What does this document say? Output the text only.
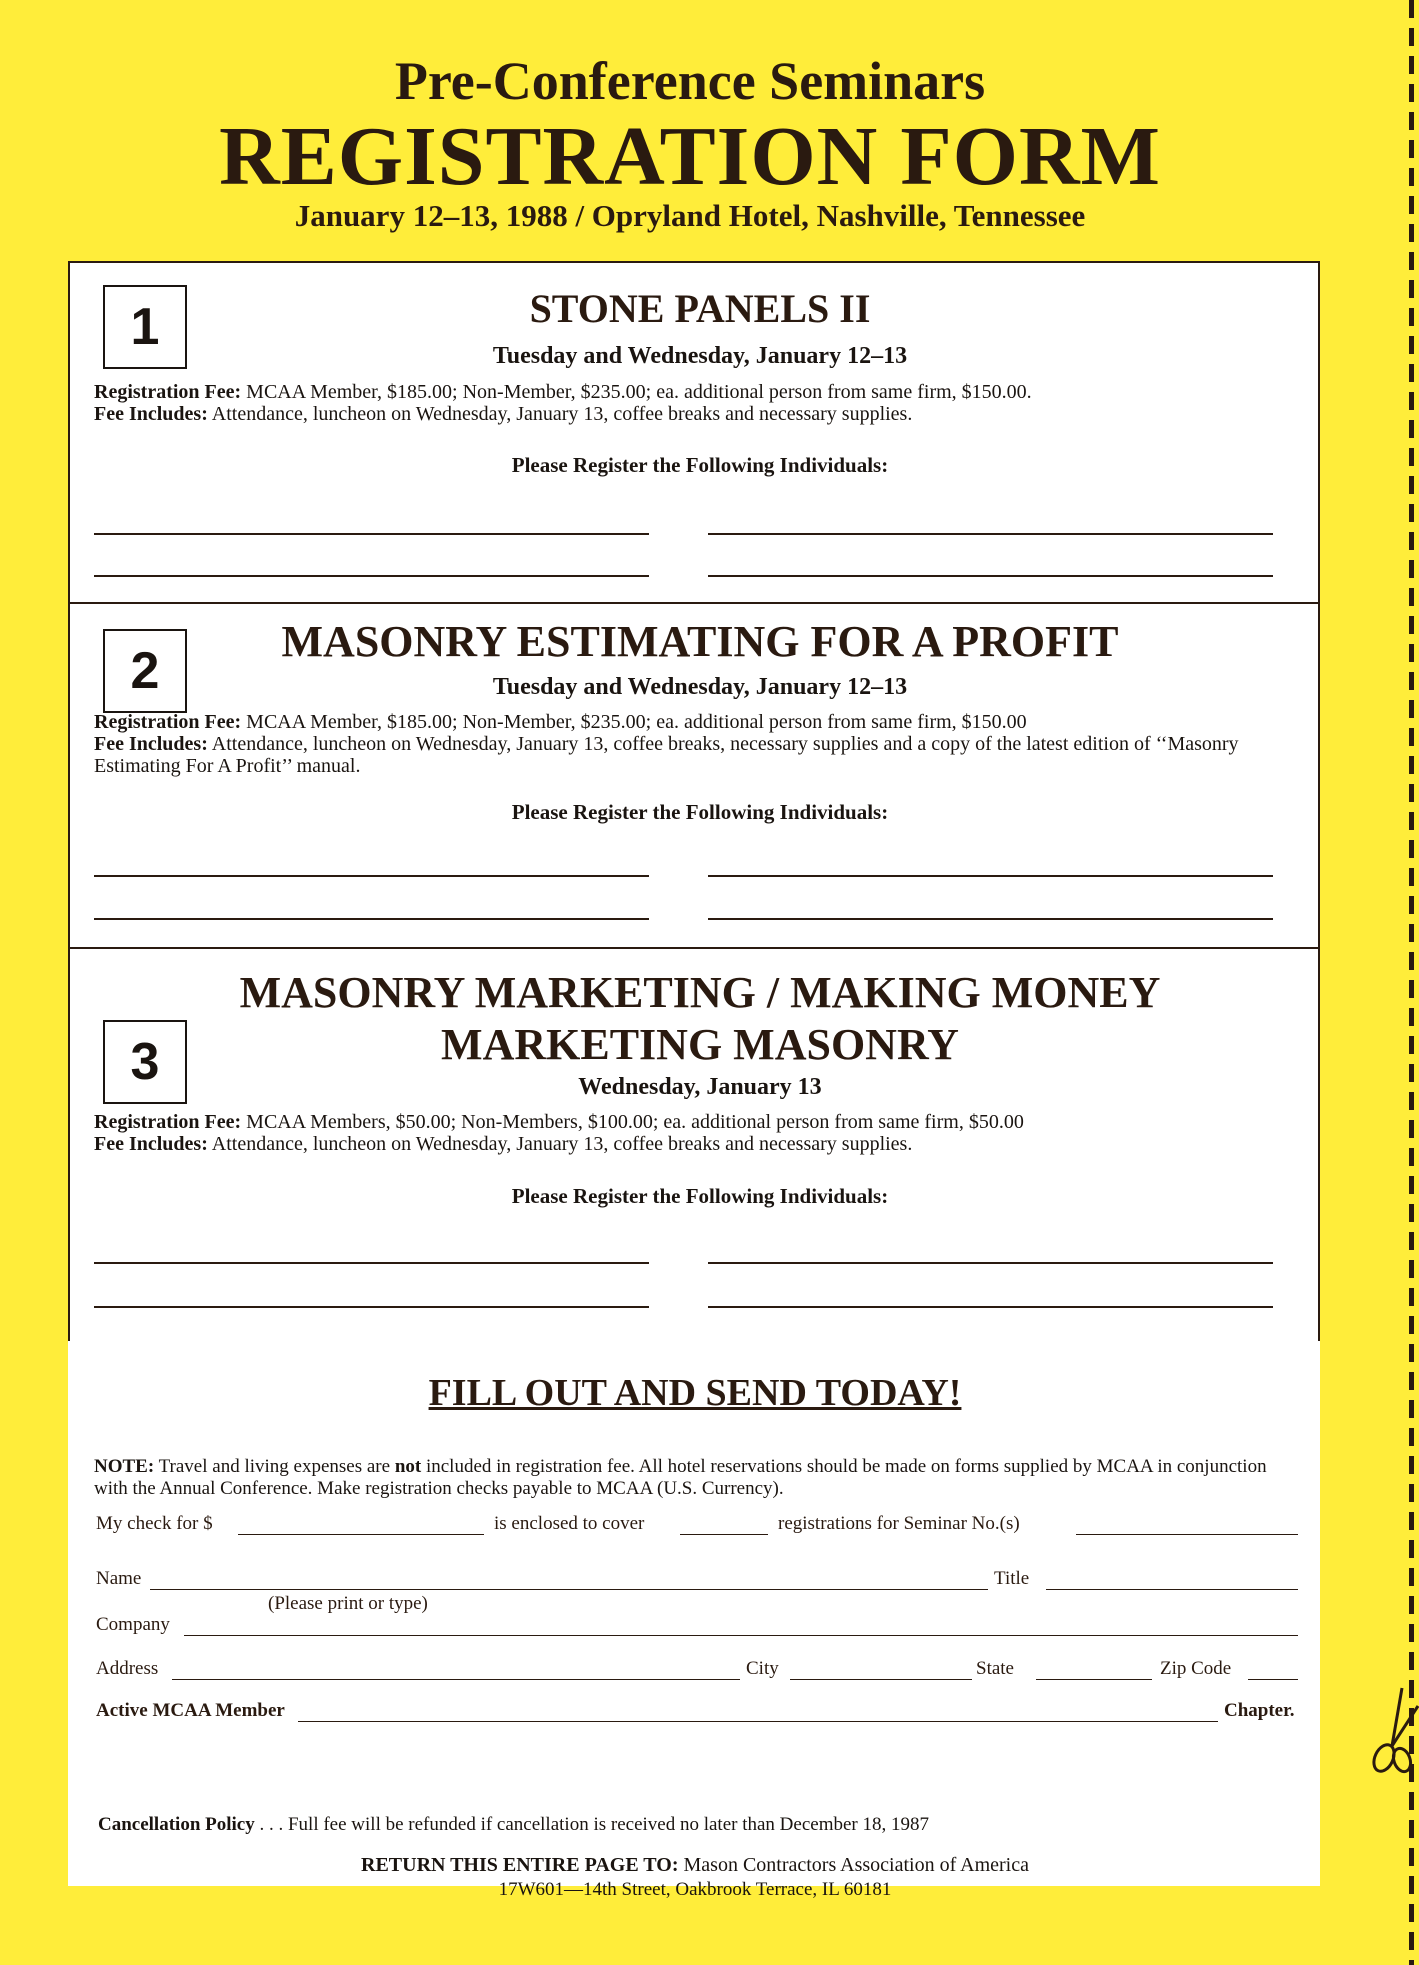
Pre-Conference Seminars
REGISTRATION FORM
January 12–13, 1988 / Opryland Hotel, Nashville, Tennessee
1	STONE PANELS II
Tuesday and Wednesday, January 12–13
Registration Fee: MCAA Member, $185.00; Non-Member, $235.00; ea. additional person from same firm, $150.00.
Fee Includes: Attendance, luncheon on Wednesday, January 13, coffee breaks and necessary supplies.
Please Register the Following Individuals:
2
MASONRY ESTIMATING FOR A PROFIT
Tuesday and Wednesday, January 12–13
Registration Fee: MCAA Member, $185.00; Non-Member, $235.00; ea. additional person from same firm, $150.00
Fee Includes: Attendance, luncheon on Wednesday, January 13, coffee breaks, necessary supplies and a copy of the latest edition of ‘‘Masonry Estimating For A Profit’’ manual.
Please Register the Following Individuals:
3
MASONRY MARKETING / MAKING MONEY
MARKETING MASONRY
Wednesday, January 13
Registration Fee: MCAA Members, $50.00; Non-Members, $100.00; ea. additional person from same firm, $50.00
Fee Includes: Attendance, luncheon on Wednesday, January 13, coffee breaks and necessary supplies.
Please Register the Following Individuals:
FILL OUT AND SEND TODAY!
NOTE: Travel and living expenses are not included in registration fee. All hotel reservations should be made on forms supplied by MCAA in conjunction with the Annual Conference. Make registration checks payable to MCAA (U.S. Currency).
My check for $	is enclosed to cover	registrations for Seminar No.(s)
Name	Title
(Please print or type)
Company
Address	City	State	Zip Code
Active MCAA Member	Chapter.
Cancellation Policy . . . Full fee will be refunded if cancellation is received no later than December 18, 1987
RETURN THIS ENTIRE PAGE TO: Mason Contractors Association of America
17W601—14th Street, Oakbrook Terrace, IL 60181
